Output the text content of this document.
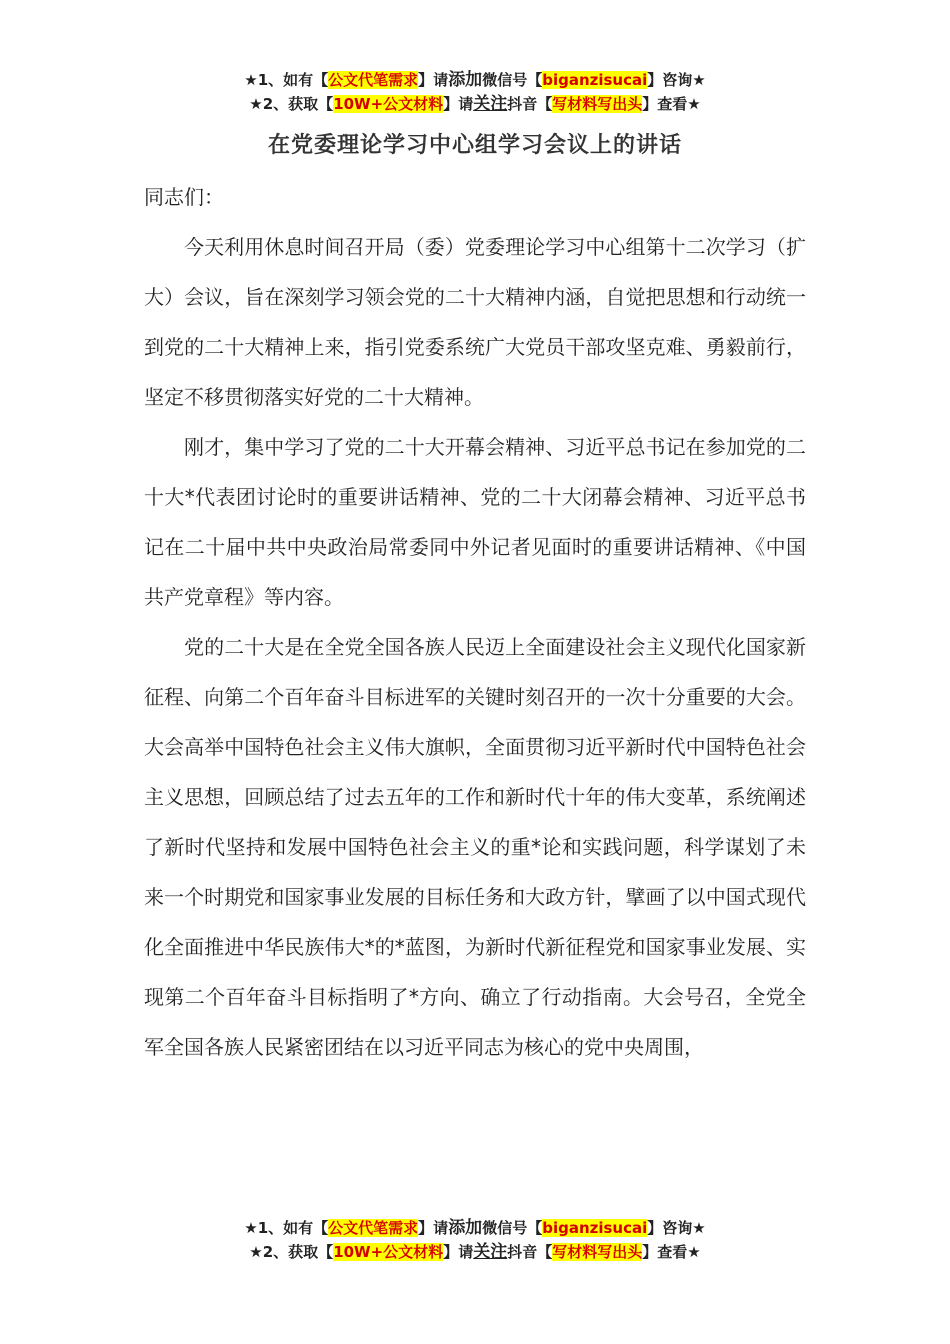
★1、如有【公文代笔需求】请添加微信号【biganzisucai】咨询★
★2、获取【10W+公文材料】请关注抖音【写材料写出头】查看★
在党委理论学习中心组学习会议上的讲话

同志们：

今天利用休息时间召开局（委）党委理论学习中心组第十二次学习（扩大）会议，旨在深刻学习领会党的二十大精神内涵，自觉把思想和行动统一到党的二十大精神上来，指引党委系统广大党员干部攻坚克难、勇毅前行，坚定不移贯彻落实好党的二十大精神。

刚才，集中学习了党的二十大开幕会精神、习近平总书记在参加党的二十大*代表团讨论时的重要讲话精神、党的二十大闭幕会精神、习近平总书记在二十届中共中央政治局常委同中外记者见面时的重要讲话精神、《中国共产党章程》等内容。

党的二十大是在全党全国各族人民迈上全面建设社会主义现代化国家新征程、向第二个百年奋斗目标进军的关键时刻召开的一次十分重要的大会。大会高举中国特色社会主义伟大旗帜，全面贯彻习近平新时代中国特色社会主义思想，回顾总结了过去五年的工作和新时代十年的伟大变革，系统阐述了新时代坚持和发展中国特色社会主义的重*论和实践问题，科学谋划了未来一个时期党和国家事业发展的目标任务和大政方针，擘画了以中国式现代化全面推进中华民族伟大*的*蓝图，为新时代新征程党和国家事业发展、实现第二个百年奋斗目标指明了*方向、确立了行动指南。大会号召，全党全军全国各族人民紧密团结在以习近平同志为核心的党中央周围，

★1、如有【公文代笔需求】请添加微信号【biganzisucai】咨询★
★2、获取【10W+公文材料】请关注抖音【写材料写出头】查看★
